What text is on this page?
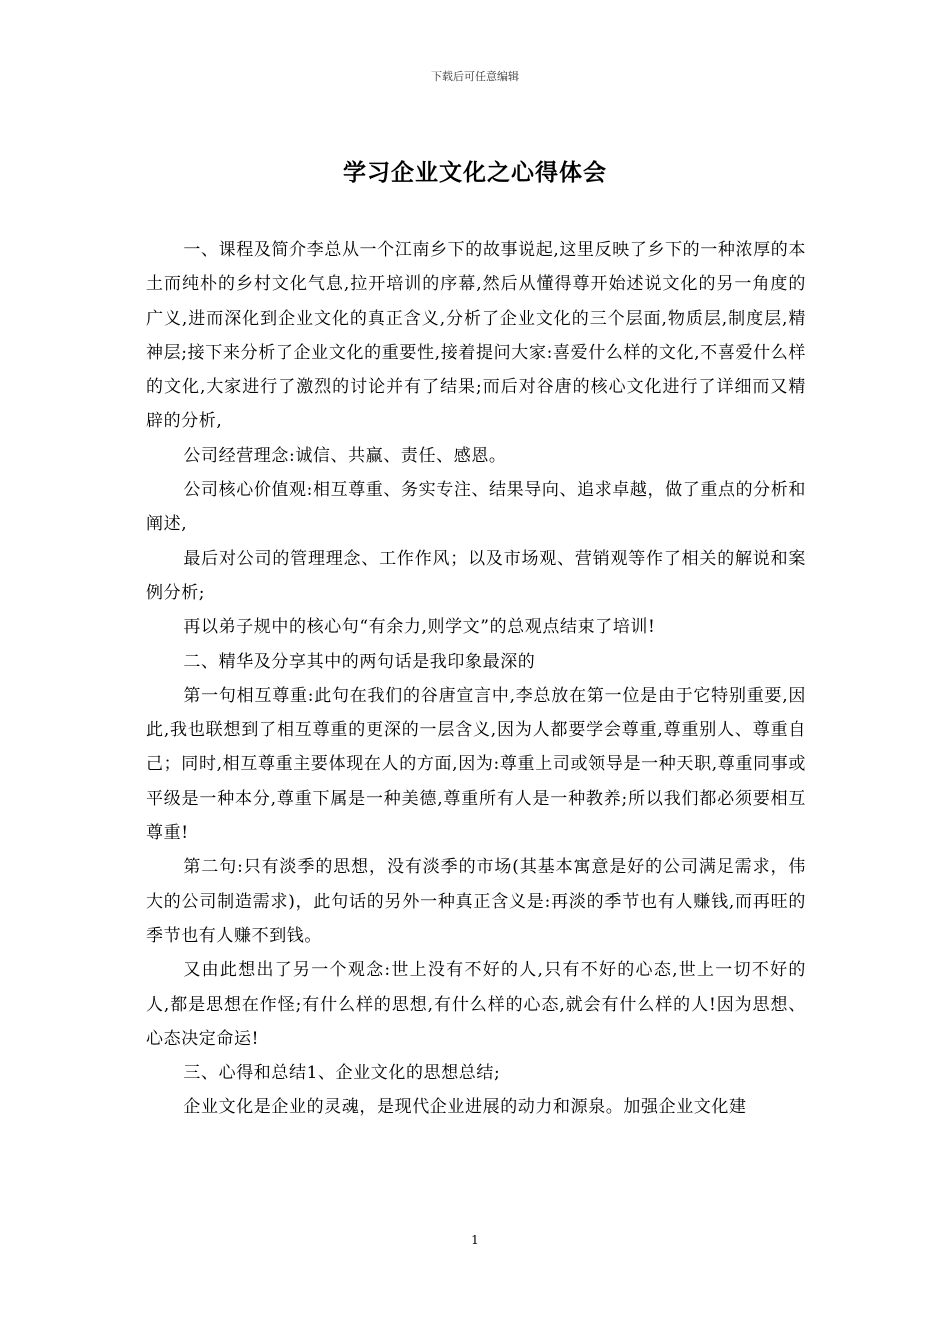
下载后可任意编辑
学习企业文化之心得体会

一、课程及简介李总从一个江南乡下的故事说起,这里反映了乡下的一种浓厚的本土而纯朴的乡村文化气息,拉开培训的序幕,然后从懂得尊开始述说文化的另一角度的广义,进而深化到企业文化的真正含义,分析了企业文化的三个层面,物质层,制度层,精神层;接下来分析了企业文化的重要性,接着提问大家:喜爱什么样的文化,不喜爱什么样的文化,大家进行了激烈的讨论并有了结果;而后对谷唐的核心文化进行了详细而又精辟的分析,

公司经营理念:诚信、共赢、责任、感恩。

公司核心价值观:相互尊重、务实专注、结果导向、追求卓越，做了重点的分析和阐述,

最后对公司的管理理念、工作作风；以及市场观、营销观等作了相关的解说和案例分析;

再以弟子规中的核心句“有余力,则学文”的总观点结束了培训!

二、精华及分享其中的两句话是我印象最深的

第一句相互尊重:此句在我们的谷唐宣言中,李总放在第一位是由于它特别重要,因此,我也联想到了相互尊重的更深的一层含义,因为人都要学会尊重,尊重别人、尊重自己；同时,相互尊重主要体现在人的方面,因为:尊重上司或领导是一种天职,尊重同事或平级是一种本分,尊重下属是一种美德,尊重所有人是一种教养;所以我们都必须要相互尊重!

第二句:只有淡季的思想，没有淡季的市场(其基本寓意是好的公司满足需求，伟大的公司制造需求)，此句话的另外一种真正含义是:再淡的季节也有人赚钱,而再旺的季节也有人赚不到钱。

又由此想出了另一个观念:世上没有不好的人,只有不好的心态,世上一切不好的人,都是思想在作怪;有什么样的思想,有什么样的心态,就会有什么样的人!因为思想、心态决定命运!

三、心得和总结1、企业文化的思想总结;

企业文化是企业的灵魂，是现代企业进展的动力和源泉。加强企业文化建

1
